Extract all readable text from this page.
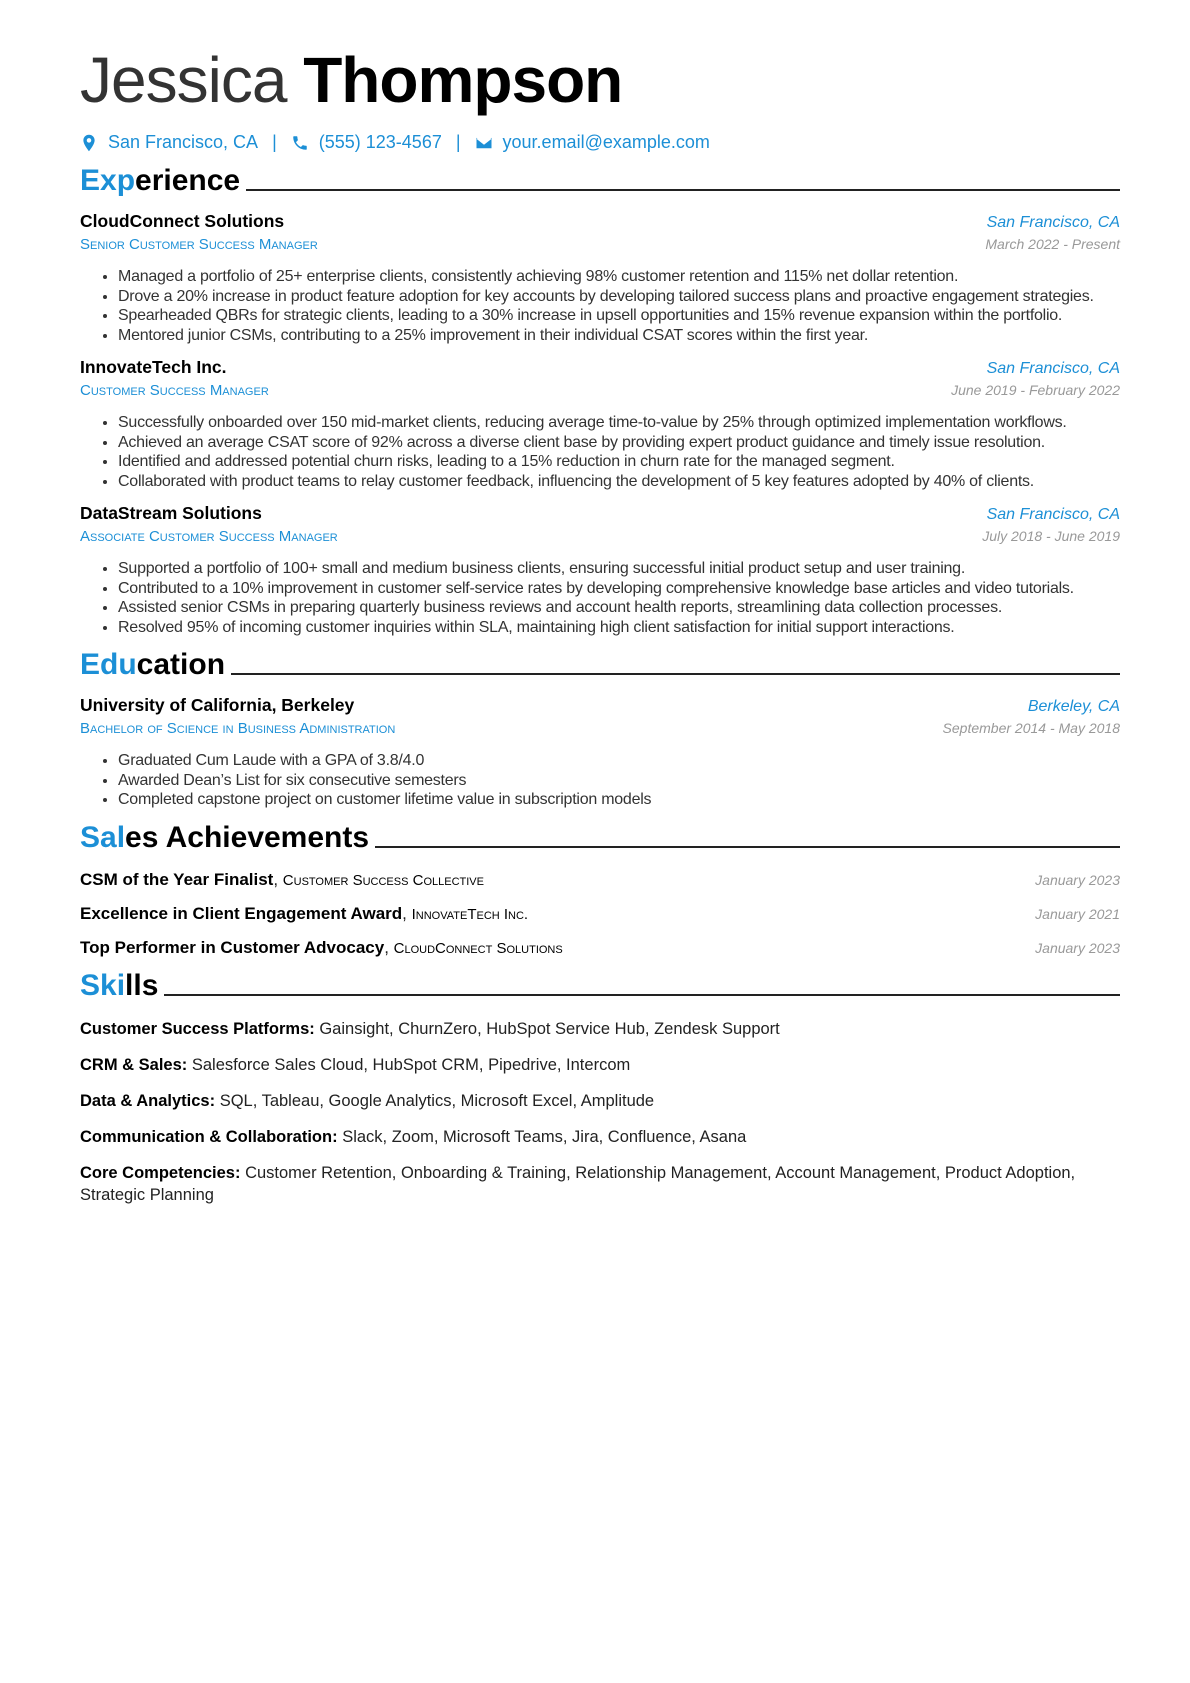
Jessica Thompson
San Francisco, CA | (555) 123-4567 | your.email@example.com
Experience
CloudConnect Solutions	San Francisco, CA
Senior Customer Success Manager	March 2022 - Present
• Managed a portfolio of 25+ enterprise clients, consistently achieving 98% customer retention and 115% net dollar retention.
• Drove a 20% increase in product feature adoption for key accounts by developing tailored success plans and proactive engagement strategies.
• Spearheaded QBRs for strategic clients, leading to a 30% increase in upsell opportunities and 15% revenue expansion within the portfolio.
• Mentored junior CSMs, contributing to a 25% improvement in their individual CSAT scores within the first year.
InnovateTech Inc.	San Francisco, CA
Customer Success Manager	June 2019 - February 2022
• Successfully onboarded over 150 mid-market clients, reducing average time-to-value by 25% through optimized implementation workflows.
• Achieved an average CSAT score of 92% across a diverse client base by providing expert product guidance and timely issue resolution.
• Identified and addressed potential churn risks, leading to a 15% reduction in churn rate for the managed segment.
• Collaborated with product teams to relay customer feedback, influencing the development of 5 key features adopted by 40% of clients.
DataStream Solutions	San Francisco, CA
Associate Customer Success Manager	July 2018 - June 2019
• Supported a portfolio of 100+ small and medium business clients, ensuring successful initial product setup and user training.
• Contributed to a 10% improvement in customer self-service rates by developing comprehensive knowledge base articles and video tutorials.
• Assisted senior CSMs in preparing quarterly business reviews and account health reports, streamlining data collection processes.
• Resolved 95% of incoming customer inquiries within SLA, maintaining high client satisfaction for initial support interactions.
Education
University of California, Berkeley	Berkeley, CA
Bachelor of Science in Business Administration	September 2014 - May 2018
• Graduated Cum Laude with a GPA of 3.8/4.0
• Awarded Dean’s List for six consecutive semesters
• Completed capstone project on customer lifetime value in subscription models
Sales Achievements
CSM of the Year Finalist, Customer Success Collective	January 2023
Excellence in Client Engagement Award, InnovateTech Inc.	January 2021
Top Performer in Customer Advocacy, CloudConnect Solutions	January 2023
Skills
Customer Success Platforms: Gainsight, ChurnZero, HubSpot Service Hub, Zendesk Support
CRM & Sales: Salesforce Sales Cloud, HubSpot CRM, Pipedrive, Intercom
Data & Analytics: SQL, Tableau, Google Analytics, Microsoft Excel, Amplitude
Communication & Collaboration: Slack, Zoom, Microsoft Teams, Jira, Confluence, Asana
Core Competencies: Customer Retention, Onboarding & Training, Relationship Management, Account Management, Product Adoption, Strategic Planning
